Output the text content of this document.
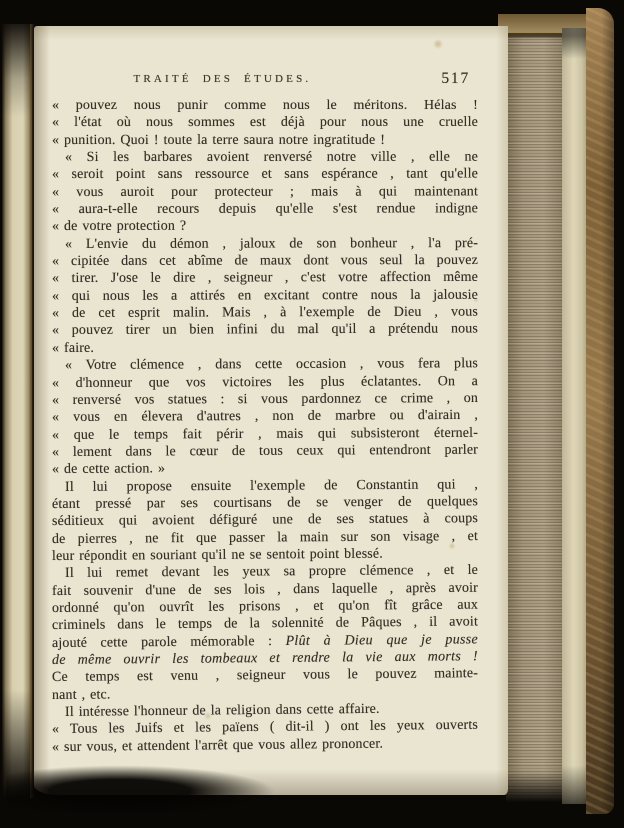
TRAITÉ DES ÉTUDES.	517
« pouvez nous punir comme nous le méritons. Hélas !
« l'état où nous sommes est déjà pour nous une cruelle
« punition. Quoi ! toute la terre saura notre ingratitude !
« Si les barbares avoient renversé notre ville , elle ne
« seroit point sans ressource et sans espérance , tant qu'elle
« vous auroit pour protecteur ; mais à qui maintenant
« aura-t-elle recours depuis qu'elle s'est rendue indigne
« de votre protection ?
« L'envie du démon , jaloux de son bonheur , l'a pré-
« cipitée dans cet abîme de maux dont vous seul la pouvez
« tirer. J'ose le dire , seigneur , c'est votre affection même
« qui nous les a attirés en excitant contre nous la jalousie
« de cet esprit malin. Mais , à l'exemple de Dieu , vous
« pouvez tirer un bien infini du mal qu'il a prétendu nous
« faire.
« Votre clémence , dans cette occasion , vous fera plus
« d'honneur que vos victoires les plus éclatantes. On a
« renversé vos statues : si vous pardonnez ce crime , on
« vous en élevera d'autres , non de marbre ou d'airain ,
« que le temps fait périr , mais qui subsisteront éternel-
« lement dans le cœur de tous ceux qui entendront parler
« de cette action. »
Il lui propose ensuite l'exemple de Constantin qui ,
étant pressé par ses courtisans de se venger de quelques
séditieux qui avoient défiguré une de ses statues à coups
de pierres , ne fit que passer la main sur son visage , et
leur répondit en souriant qu'il ne se sentoit point blessé.
Il lui remet devant les yeux sa propre clémence , et le
fait souvenir d'une de ses lois , dans laquelle , après avoir
ordonné qu'on ouvrît les prisons , et qu'on fît grâce aux
criminels dans le temps de la solennité de Pâques , il avoit
ajouté cette parole mémorable : Plût à Dieu que je pusse
de même ouvrir les tombeaux et rendre la vie aux morts !
Ce temps est venu , seigneur vous le pouvez mainte-
nant , etc.
Il intéresse l'honneur de la religion dans cette affaire.
« Tous les Juifs et les païens ( dit-il ) ont les yeux ouverts
« sur vous, et attendent l'arrêt que vous allez prononcer.
